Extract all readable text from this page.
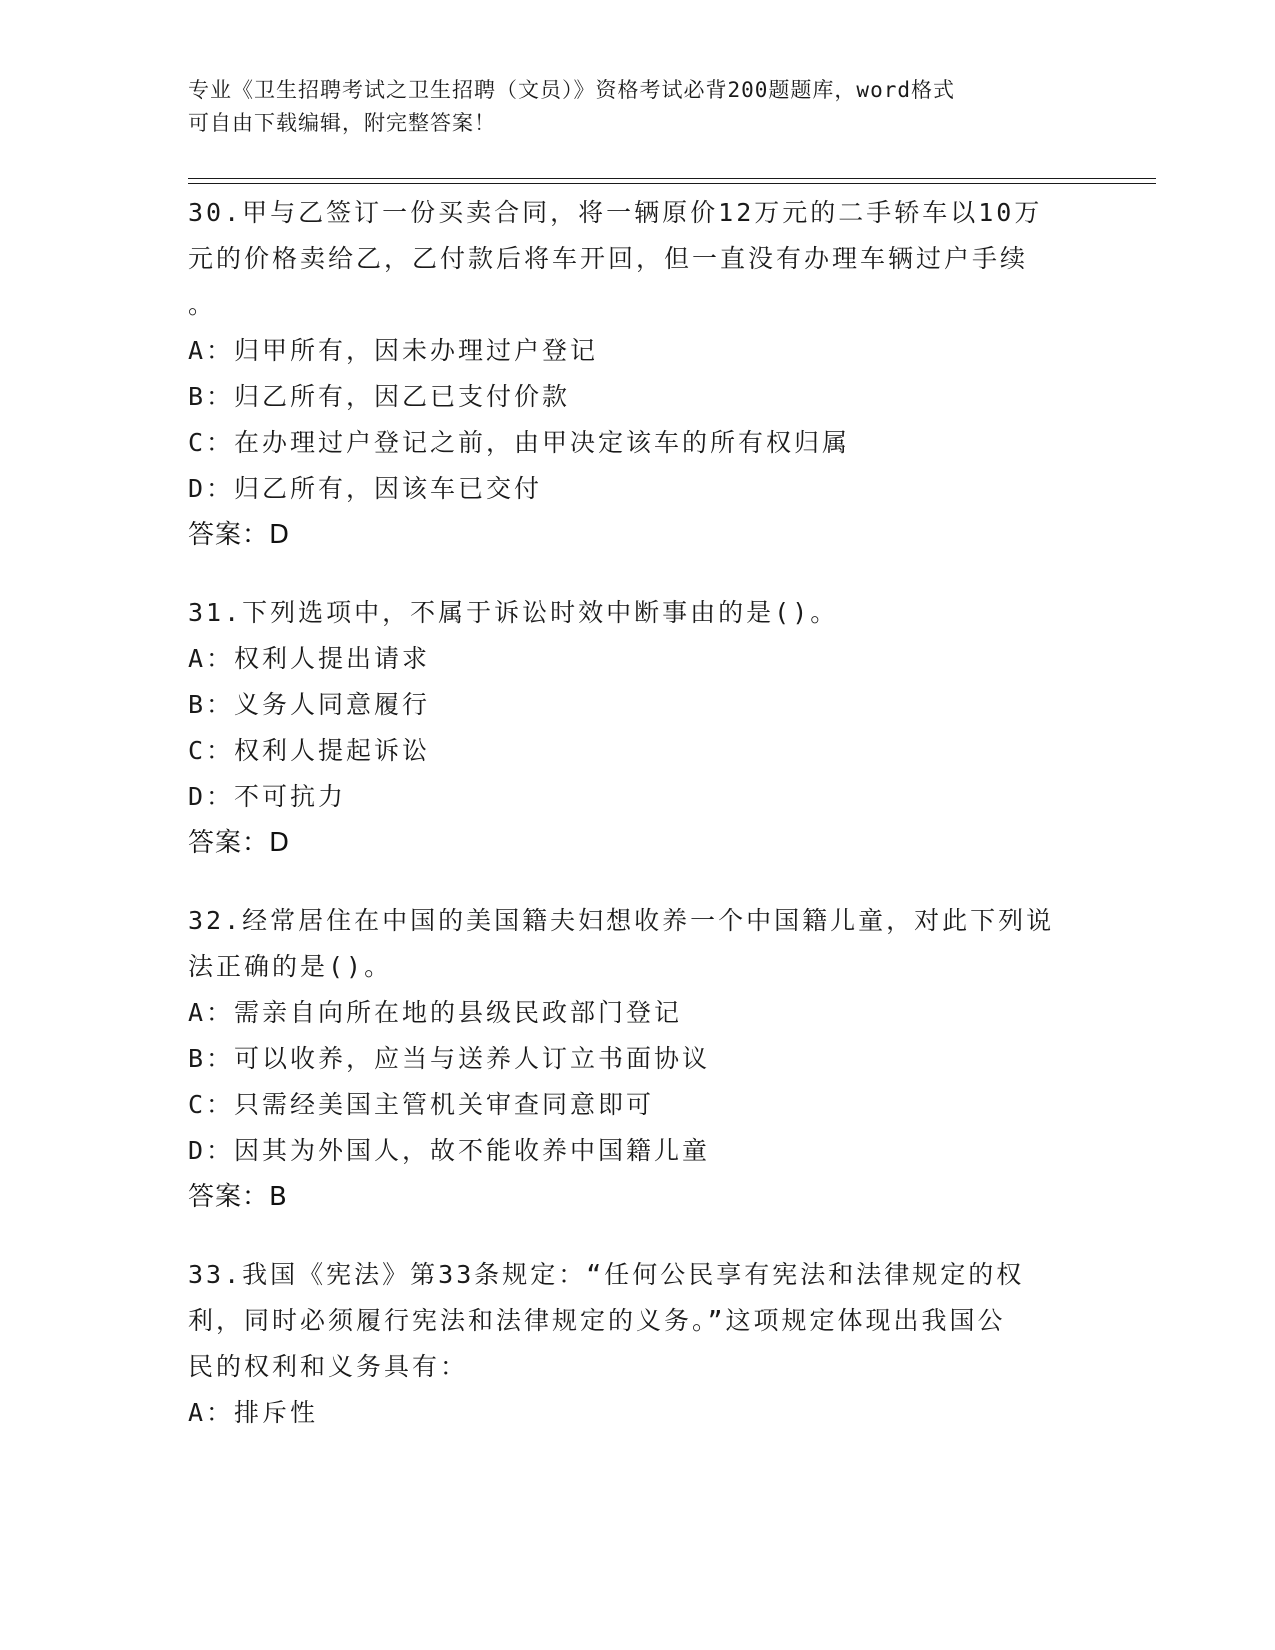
专业《卫生招聘考试之卫生招聘（文员）》资格考试必背200题题库，word格式
可自由下载编辑，附完整答案！
30.甲与乙签订一份买卖合同，将一辆原价12万元的二手轿车以10万
元的价格卖给乙，乙付款后将车开回，但一直没有办理车辆过户手续
。
A：归甲所有，因未办理过户登记
B：归乙所有，因乙已支付价款
C：在办理过户登记之前，由甲决定该车的所有权归属
D：归乙所有，因该车已交付
答案：D
31.下列选项中，不属于诉讼时效中断事由的是()。
A：权利人提出请求
B：义务人同意履行
C：权利人提起诉讼
D：不可抗力
答案：D
32.经常居住在中国的美国籍夫妇想收养一个中国籍儿童，对此下列说
法正确的是()。
A：需亲自向所在地的县级民政部门登记
B：可以收养，应当与送养人订立书面协议
C：只需经美国主管机关审查同意即可
D：因其为外国人，故不能收养中国籍儿童
答案：B
33.我国《宪法》第33条规定：“任何公民享有宪法和法律规定的权
利，同时必须履行宪法和法律规定的义务。”这项规定体现出我国公
民的权利和义务具有：
A：排斥性
